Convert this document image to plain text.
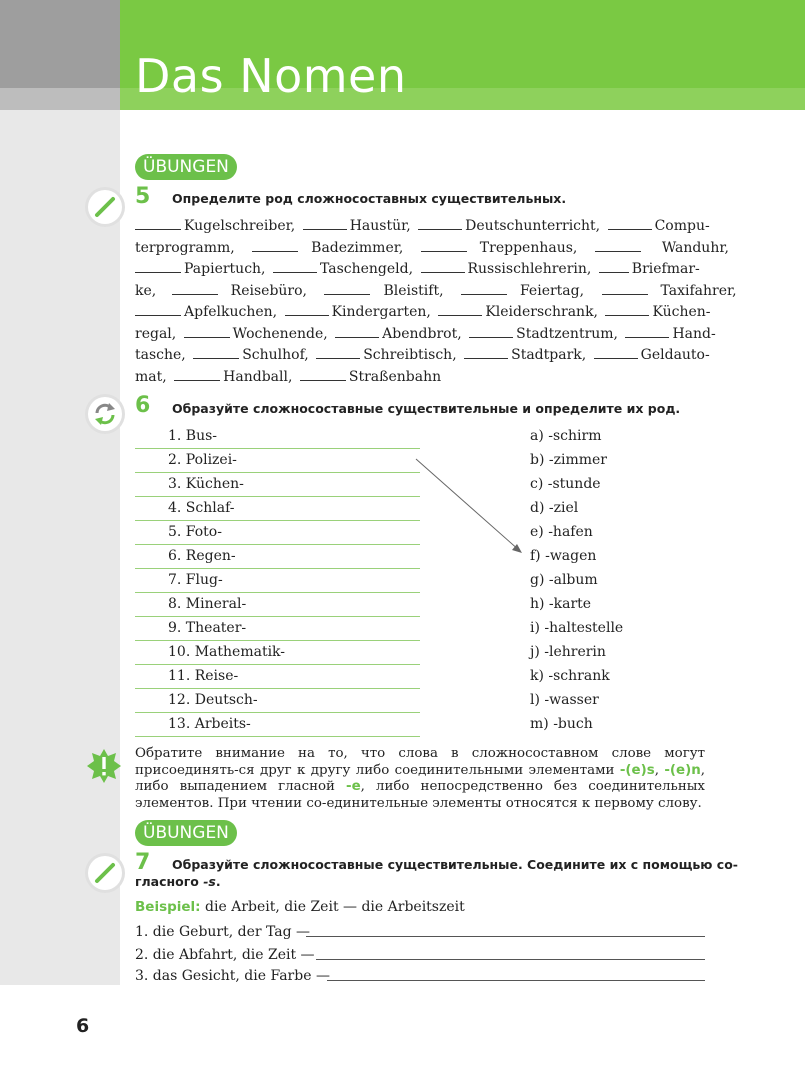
Das Nomen
ÜBUNGEN
5 Определите род сложносоставных существительных.
Kugelschreiber,	Haustür,	Deutschunterricht,	Compu-
terprogramm,	Badezimmer,	Treppenhaus,	Wanduhr,
Papiertuch,	Taschengeld,	Russischlehrerin,	Briefmar-
ke,	Reisebüro,	Bleistift,	Feiertag,	Taxifahrer,
Apfelkuchen,	Kindergarten,	Kleiderschrank,	Küchen-
regal,	Wochenende,	Abendbrot,	Stadtzentrum,	Hand-
tasche,	Schulhof,	Schreibtisch,	Stadtpark,	Geldauto-
mat,	Handball,	Straßenbahn
6 Образуйте сложносоставные существительные и определите их род.
1. Bus-
2. Polizei-
3. Küchen-
4. Schlaf-
5. Foto-
6. Regen-
7. Flug-
8. Mineral-
9. Theater-
10. Mathematik-
11. Reise-
12. Deutsch-
13. Arbeits-
a) -schirm
b) -zimmer
c) -stunde
d) -ziel
e) -hafen
f) -wagen
g) -album
h) -karte
i) -haltestelle
j) -lehrerin
k) -schrank
l) -wasser
m) -buch
Обратите внимание на то, что слова в сложносоставном слове могут присоединять-ся друг к другу либо соединительными элементами -(e)s, -(e)n, либо выпадением гласной -e, либо непосредственно без соединительных элементов. При чтении со-единительные элементы относятся к первому слову.
ÜBUNGEN
7 Образуйте сложносоставные существительные. Соедините их с помощью со-
гласного -s.
Beispiel: die Arbeit, die Zeit — die Arbeitszeit
1. die Geburt, der Tag —
2. die Abfahrt, die Zeit —
3. das Gesicht, die Farbe —
6
